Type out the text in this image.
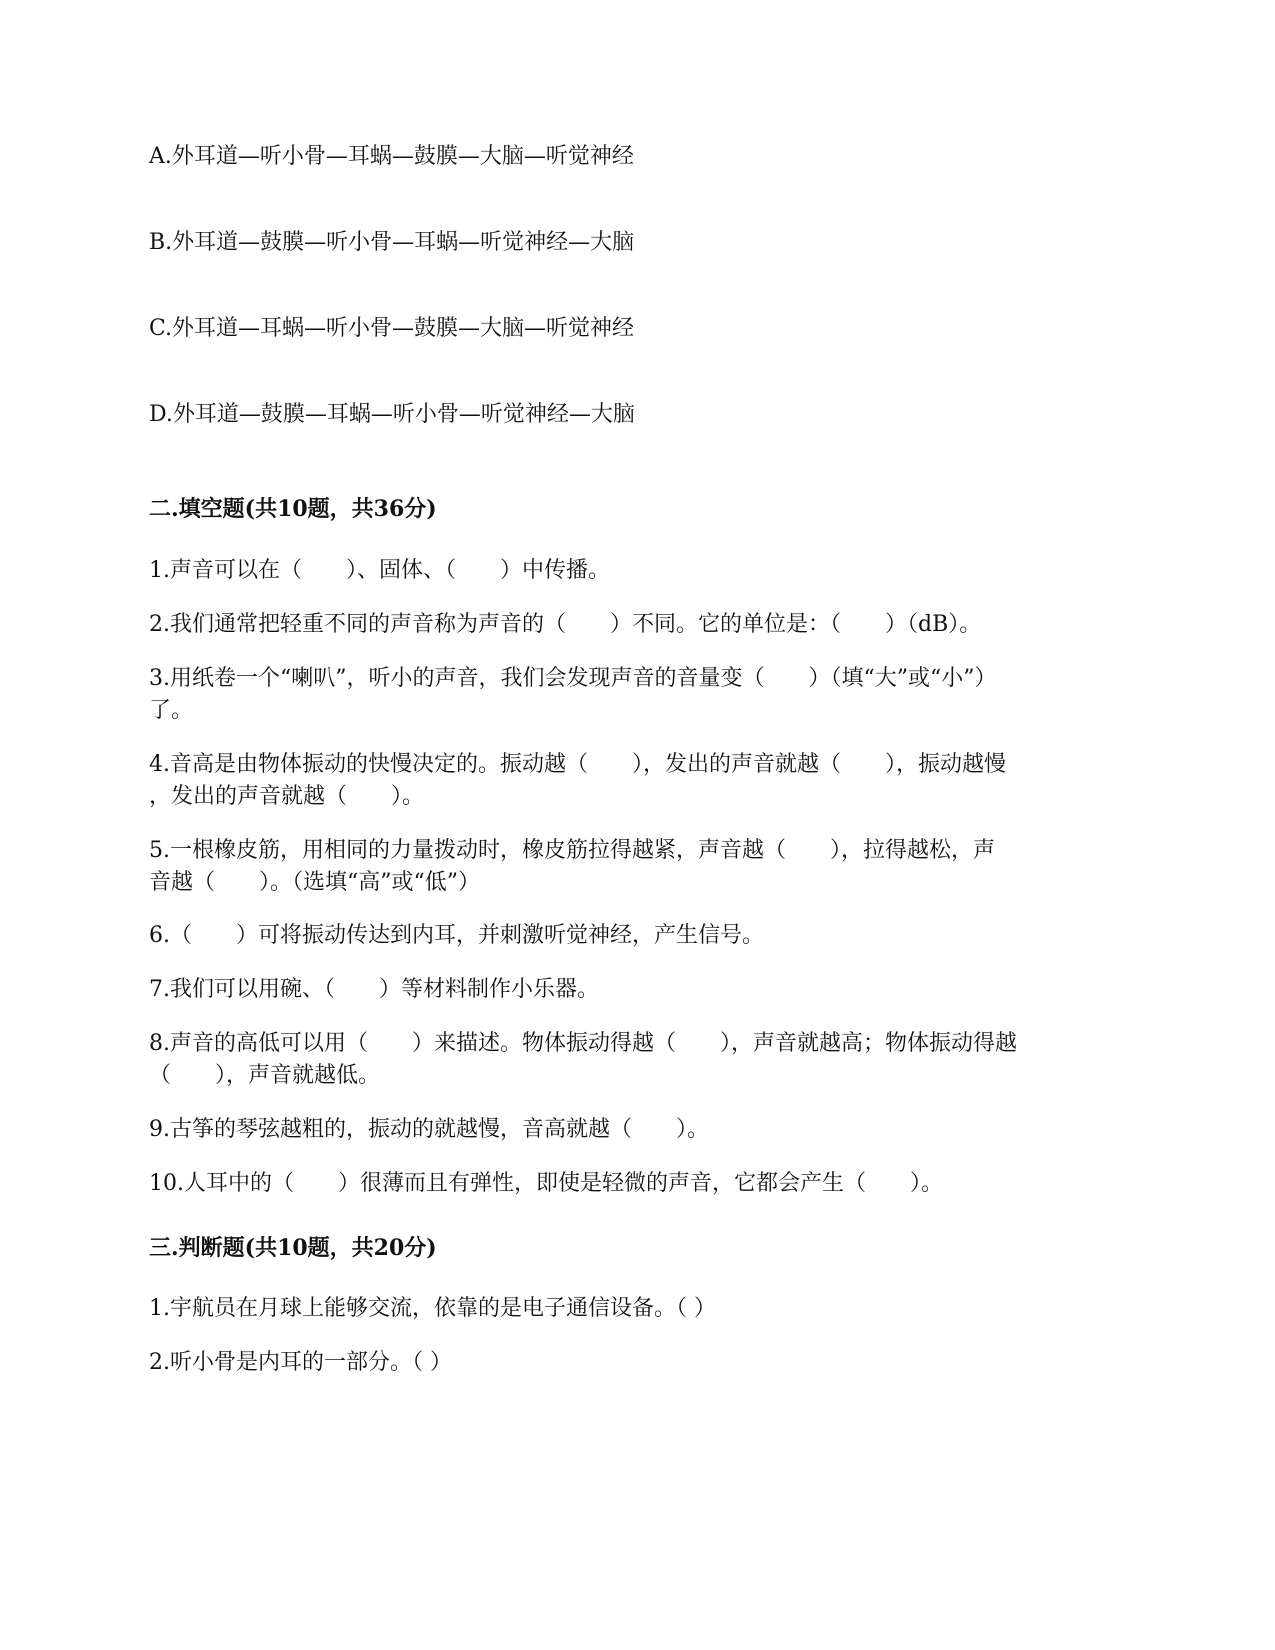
A.外耳道—听小骨—耳蜗—鼓膜—大脑—听觉神经
B.外耳道—鼓膜—听小骨—耳蜗—听觉神经—大脑
C.外耳道—耳蜗—听小骨—鼓膜—大脑—听觉神经
D.外耳道—鼓膜—耳蜗—听小骨—听觉神经—大脑
二.填空题(共10题，共36分)
1.声音可以在（　　）、固体、（　　）中传播。
2.我们通常把轻重不同的声音称为声音的（　　）不同。它的单位是：（　　）（dB）。
3.用纸卷一个“喇叭”，听小的声音，我们会发现声音的音量变（　　）（填“大”或“小”）
了。
4.音高是由物体振动的快慢决定的。振动越（　　），发出的声音就越（　　），振动越慢
，发出的声音就越（　　）。
5.一根橡皮筋，用相同的力量拨动时，橡皮筋拉得越紧，声音越（　　），拉得越松，声
音越（　　）。（选填“高”或“低”）
6.（　　）可将振动传达到内耳，并刺激听觉神经，产生信号。
7.我们可以用碗、（　　）等材料制作小乐器。
8.声音的高低可以用（　　）来描述。物体振动得越（　　），声音就越高；物体振动得越
（　　），声音就越低。
9.古筝的琴弦越粗的，振动的就越慢，音高就越（　　）。
10.人耳中的（　　）很薄而且有弹性，即使是轻微的声音，它都会产生（　　）。
三.判断题(共10题，共20分)
1.宇航员在月球上能够交流，依靠的是电子通信设备。（ ）
2.听小骨是内耳的一部分。（ ）
